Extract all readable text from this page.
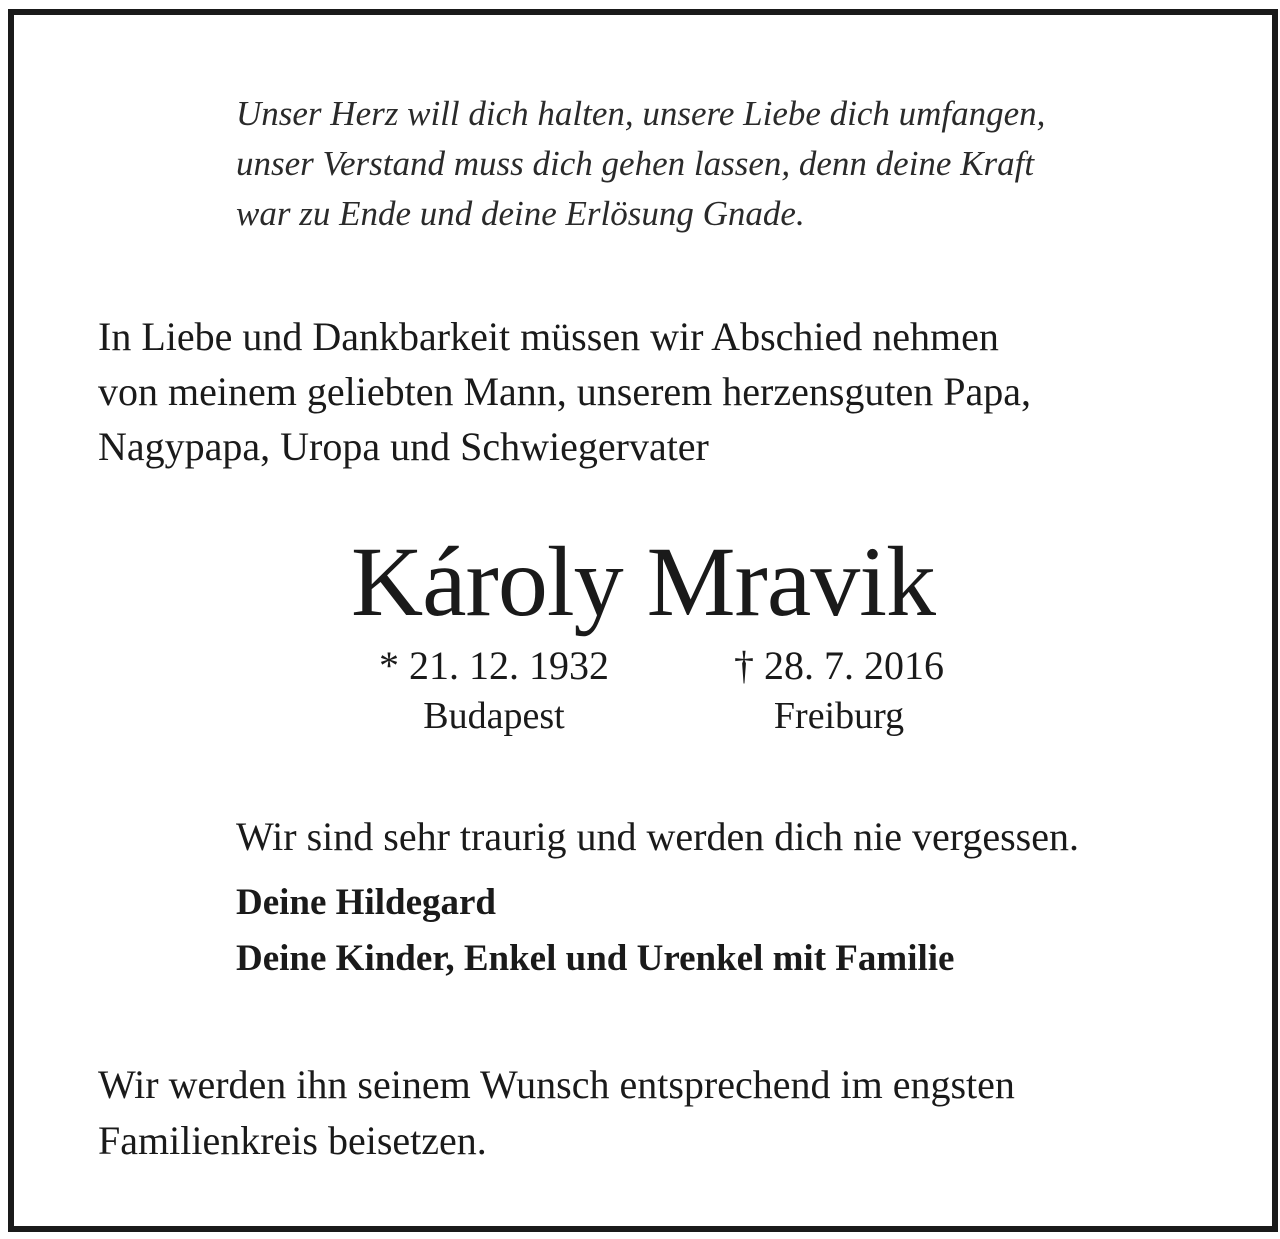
Unser Herz will dich halten, unsere Liebe dich umfangen,
unser Verstand muss dich gehen lassen, denn deine Kraft
war zu Ende und deine Erlösung Gnade.
In Liebe und Dankbarkeit müssen wir Abschied nehmen
von meinem geliebten Mann, unserem herzensguten Papa,
Nagypapa, Uropa und Schwiegervater
Károly Mravik
* 21. 12. 1932
Budapest
† 28. 7. 2016
Freiburg
Wir sind sehr traurig und werden dich nie vergessen.
Deine Hildegard
Deine Kinder, Enkel und Urenkel mit Familie
Wir werden ihn seinem Wunsch entsprechend im engsten
Familienkreis beisetzen.
